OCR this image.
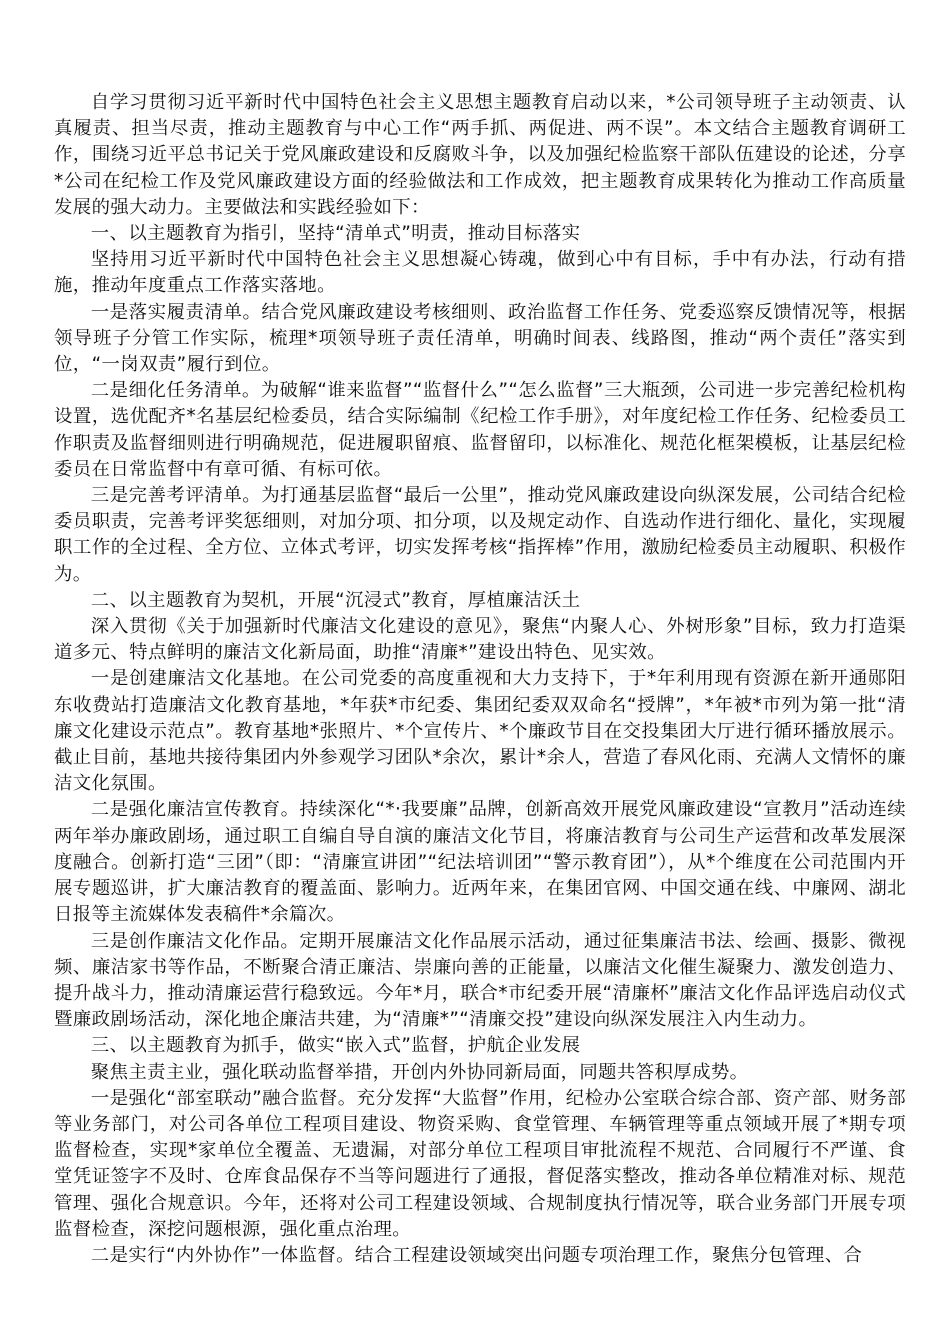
自学习贯彻习近平新时代中国特色社会主义思想主题教育启动以来，*公司领导班子主动领责、认真履责、担当尽责，推动主题教育与中心工作“两手抓、两促进、两不误”。本文结合主题教育调研工作，围绕习近平总书记关于党风廉政建设和反腐败斗争，以及加强纪检监察干部队伍建设的论述，分享*公司在纪检工作及党风廉政建设方面的经验做法和工作成效，把主题教育成果转化为推动工作高质量发展的强大动力。主要做法和实践经验如下：

一、以主题教育为指引，坚持“清单式”明责，推动目标落实

坚持用习近平新时代中国特色社会主义思想凝心铸魂，做到心中有目标，手中有办法，行动有措施，推动年度重点工作落实落地。

一是落实履责清单。结合党风廉政建设考核细则、政治监督工作任务、党委巡察反馈情况等，根据领导班子分管工作实际，梳理*项领导班子责任清单，明确时间表、线路图，推动“两个责任”落实到位，“一岗双责”履行到位。

二是细化任务清单。为破解“谁来监督”“监督什么”“怎么监督”三大瓶颈，公司进一步完善纪检机构设置，选优配齐*名基层纪检委员，结合实际编制《纪检工作手册》，对年度纪检工作任务、纪检委员工作职责及监督细则进行明确规范，促进履职留痕、监督留印，以标准化、规范化框架模板，让基层纪检委员在日常监督中有章可循、有标可依。

三是完善考评清单。为打通基层监督“最后一公里”，推动党风廉政建设向纵深发展，公司结合纪检委员职责，完善考评奖惩细则，对加分项、扣分项，以及规定动作、自选动作进行细化、量化，实现履职工作的全过程、全方位、立体式考评，切实发挥考核“指挥棒”作用，激励纪检委员主动履职、积极作为。

二、以主题教育为契机，开展“沉浸式”教育，厚植廉洁沃土

深入贯彻《关于加强新时代廉洁文化建设的意见》，聚焦“内聚人心、外树形象”目标，致力打造渠道多元、特点鲜明的廉洁文化新局面，助推“清廉*”建设出特色、见实效。

一是创建廉洁文化基地。在公司党委的高度重视和大力支持下，于*年利用现有资源在新开通郧阳东收费站打造廉洁文化教育基地，*年获*市纪委、集团纪委双双命名“授牌”，*年被*市列为第一批“清廉文化建设示范点”。教育基地*张照片、*个宣传片、*个廉政节目在交投集团大厅进行循环播放展示。截止目前，基地共接待集团内外参观学习团队*余次，累计*余人，营造了春风化雨、充满人文情怀的廉洁文化氛围。

二是强化廉洁宣传教育。持续深化“*·我要廉”品牌，创新高效开展党风廉政建设“宣教月”活动连续两年举办廉政剧场，通过职工自编自导自演的廉洁文化节目，将廉洁教育与公司生产运营和改革发展深度融合。创新打造“三团”（即：“清廉宣讲团”“纪法培训团”“警示教育团”），从*个维度在公司范围内开展专题巡讲，扩大廉洁教育的覆盖面、影响力。近两年来，在集团官网、中国交通在线、中廉网、湖北日报等主流媒体发表稿件*余篇次。

三是创作廉洁文化作品。定期开展廉洁文化作品展示活动，通过征集廉洁书法、绘画、摄影、微视频、廉洁家书等作品，不断聚合清正廉洁、崇廉向善的正能量，以廉洁文化催生凝聚力、激发创造力、提升战斗力，推动清廉运营行稳致远。今年*月，联合*市纪委开展“清廉杯”廉洁文化作品评选启动仪式暨廉政剧场活动，深化地企廉洁共建，为“清廉*”“清廉交投”建设向纵深发展注入内生动力。

三、以主题教育为抓手，做实“嵌入式”监督，护航企业发展

聚焦主责主业，强化联动监督举措，开创内外协同新局面，同题共答积厚成势。

一是强化“部室联动”融合监督。充分发挥“大监督”作用，纪检办公室联合综合部、资产部、财务部等业务部门，对公司各单位工程项目建设、物资采购、食堂管理、车辆管理等重点领域开展了*期专项监督检查，实现*家单位全覆盖、无遗漏，对部分单位工程项目审批流程不规范、合同履行不严谨、食堂凭证签字不及时、仓库食品保存不当等问题进行了通报，督促落实整改，推动各单位精准对标、规范管理、强化合规意识。今年，还将对公司工程建设领域、合规制度执行情况等，联合业务部门开展专项监督检查，深挖问题根源，强化重点治理。

二是实行“内外协作”一体监督。结合工程建设领域突出问题专项治理工作，聚焦分包管理、合
